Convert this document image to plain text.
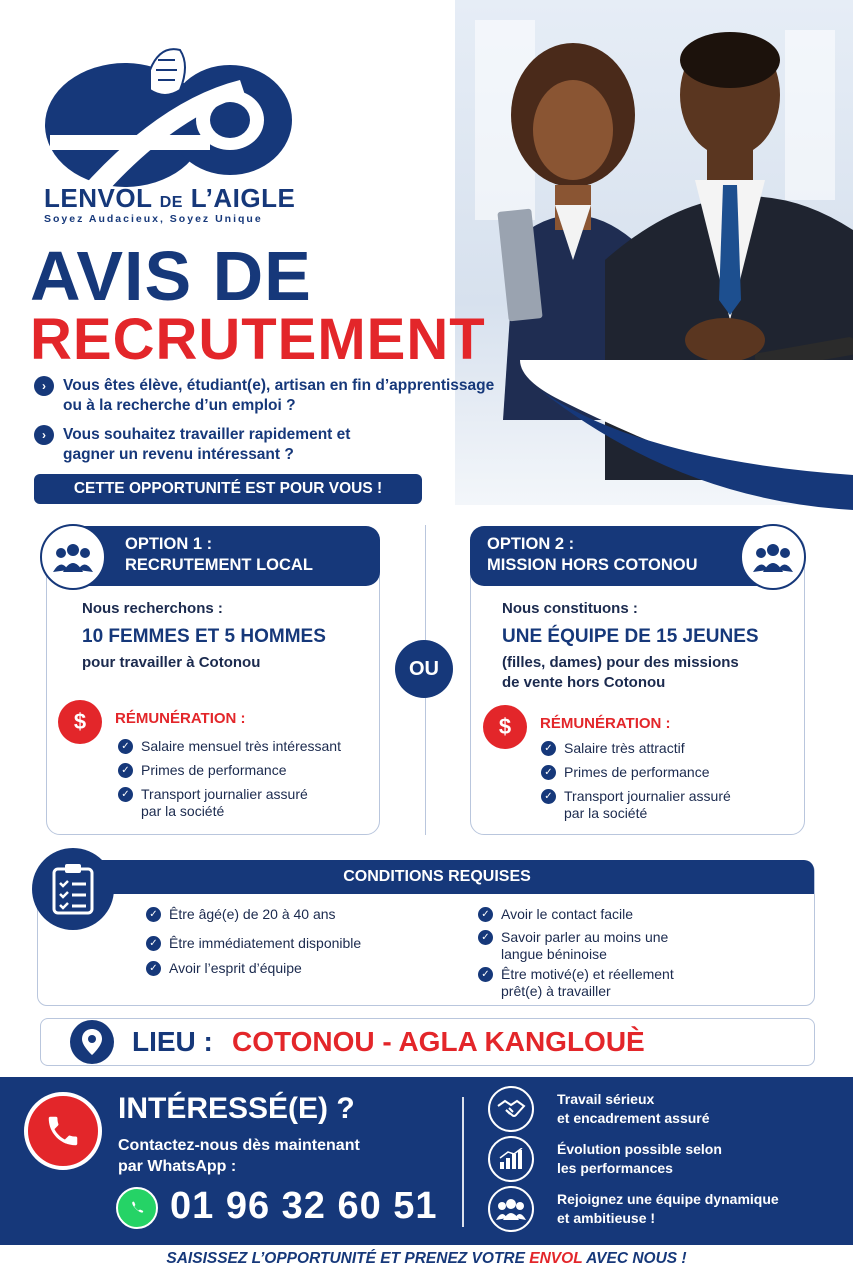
LENVOL DE L’AIGLE
Soyez Audacieux, Soyez Unique
AVIS DE
RECRUTEMENT
›	Vous êtes élève, étudiant(e), artisan en fin d’apprentissage
ou à la recherche d’un emploi ?
›	Vous souhaitez travailler rapidement et
gagner un revenu intéressant ?
CETTE OPPORTUNITÉ EST POUR VOUS !
OPTION 1 :
RECRUTEMENT LOCAL
Nous recherchons :
10 FEMMES ET 5 HOMMES
pour travailler à Cotonou
$	RÉMUNÉRATION :
✓ Salaire mensuel très intéressant
✓ Primes de performance
✓ Transport journalier assuré
par la société
OU
OPTION 2 :
MISSION HORS COTONOU
Nous constituons :
UNE ÉQUIPE DE 15 JEUNES
(filles, dames) pour des missions
de vente hors Cotonou
$	RÉMUNÉRATION :
✓ Salaire très attractif
✓ Primes de performance
✓ Transport journalier assuré
par la société
CONDITIONS REQUISES
✓ Être âgé(e) de 20 à 40 ans
✓ Être immédiatement disponible
✓ Avoir l’esprit d’équipe
✓ Avoir le contact facile
✓ Savoir parler au moins une
langue béninoise
✓ Être motivé(e) et réellement
prêt(e) à travailler
LIEU : COTONOU - AGLA KANGLOUÈ
INTÉRESSÉ(E) ?
Contactez-nous dès maintenant
par WhatsApp :
01 96 32 60 51
Travail sérieux
et encadrement assuré
Évolution possible selon
les performances
Rejoignez une équipe dynamique
et ambitieuse !
SAISISSEZ L’OPPORTUNITÉ ET PRENEZ VOTRE ENVOL AVEC NOUS !
